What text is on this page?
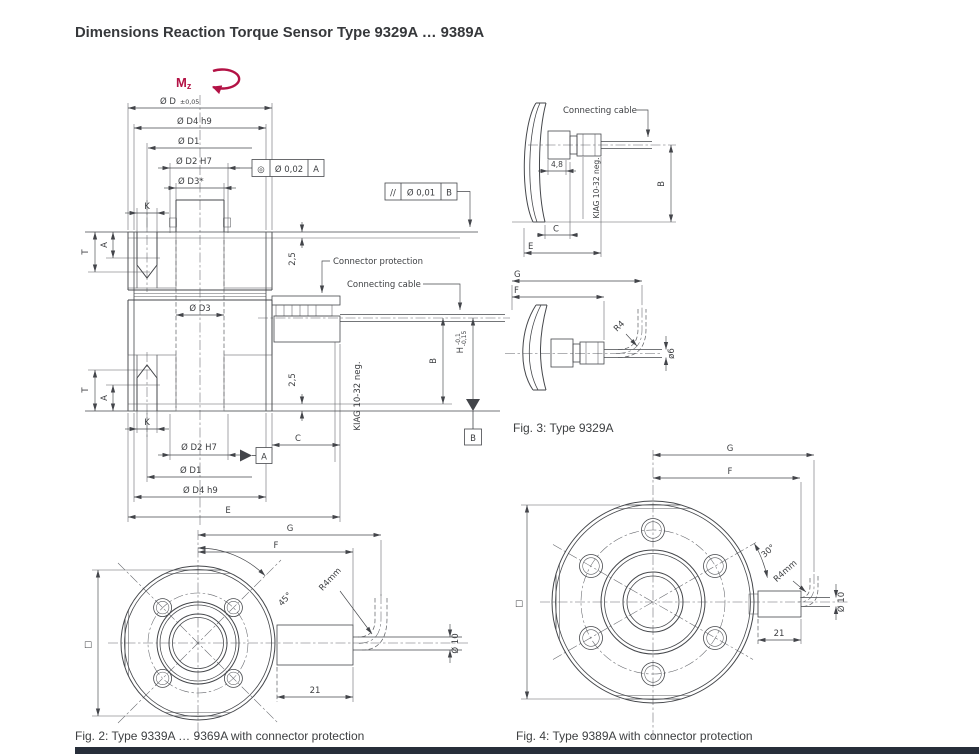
Dimensions Reaction Torque Sensor Type 9329A … 9389A
Mz
Ø D ±0,05
Ø D4 h9
Ø D1
Ø D2 H7
Ø D3*
K
◎ Ø 0,02 A
// Ø 0,01 B
T
A
T
A
2,5
2,5
Ø D3
Connector protection
Connecting cable
KIAG 10-32 neg.
B
$H^{-0,1}-0,15$
B
Ø D2 H7
A
Ø D1
Ø D4 h9
E
C
K
Connecting cable
4,8	KIAG 10-32 neg.	B
C
E
R4
ø6
G
F
Fig. 3: Type 9329A
G
F
45°
R4mm
Ø 10
21
□
Fig. 2: Type 9339A … 9369A with connector protection
G
F
30°
R4mm
Ø 10
21
□
Fig. 4: Type 9389A with connector protection
